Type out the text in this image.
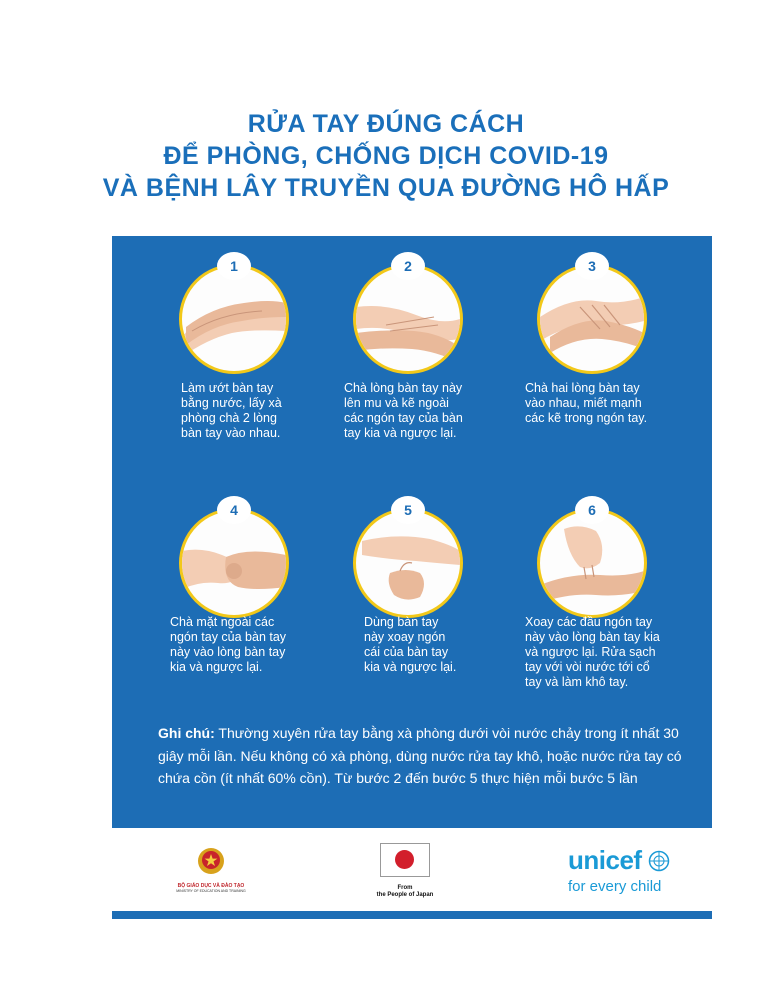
RỬA TAY ĐÚNG CÁCH
ĐỂ PHÒNG, CHỐNG DỊCH COVID-19
VÀ BỆNH LÂY TRUYỀN QUA ĐƯỜNG HÔ HẤP
1
Làm ướt bàn tay
bằng nước, lấy xà
phòng chà 2 lòng
bàn tay vào nhau.
2
Chà lòng bàn tay này
lên mu và kẽ ngoài
các ngón tay của bàn
tay kia và ngược lại.
3
Chà hai lòng bàn tay
vào nhau, miết mạnh
các kẽ trong ngón tay.
4
Chà mặt ngoài các
ngón tay của bàn tay
này vào lòng bàn tay
kia và ngược lại.
5
Dùng bàn tay
này xoay ngón
cái của bàn tay
kia và ngược lại.
6
Xoay các đầu ngón tay
này vào lòng bàn tay kia
và ngược lại. Rửa sạch
tay với vòi nước tới cổ
tay và làm khô tay.
Ghi chú: Thường xuyên rửa tay bằng xà phòng dưới vòi nước chảy trong ít nhất 30 giây mỗi lần. Nếu không có xà phòng, dùng nước rửa tay khô, hoặc nước rửa tay có chứa cồn (ít nhất 60% cồn). Từ bước 2 đến bước 5 thực hiện mỗi bước 5 lần
BỘ GIÁO DỤC VÀ ĐÀO TẠO
MINISTRY OF EDUCATION AND TRAINING	From
the People of Japan
unicef
for every child
